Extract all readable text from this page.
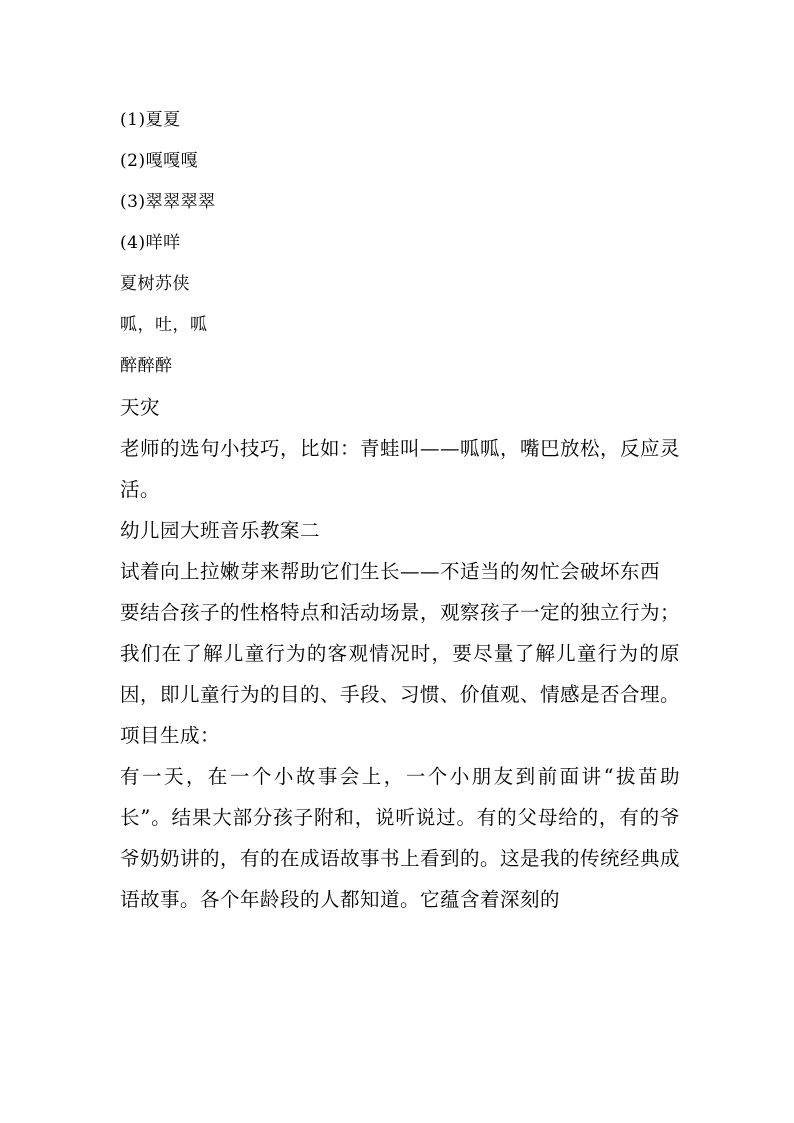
(1)夏夏
(2)嘎嘎嘎
(3)翠翠翠翠
(4)咩咩
夏树苏侠
呱，吐，呱
醉醉醉
天灾
老师的选句小技巧，比如：青蛙叫——呱呱，嘴巴放松，反应灵活。
幼儿园大班音乐教案二
试着向上拉嫩芽来帮助它们生长——不适当的匆忙会破坏东西
要结合孩子的性格特点和活动场景，观察孩子一定的独立行为；我们在了解儿童行为的客观情况时，要尽量了解儿童行为的原因，即儿童行为的目的、手段、习惯、价值观、情感是否合理。
项目生成：
有一天，在一个小故事会上，一个小朋友到前面讲“拔苗助长”。结果大部分孩子附和，说听说过。有的父母给的，有的爷爷奶奶讲的，有的在成语故事书上看到的。这是我的传统经典成语故事。各个年龄段的人都知道。它蕴含着深刻的
